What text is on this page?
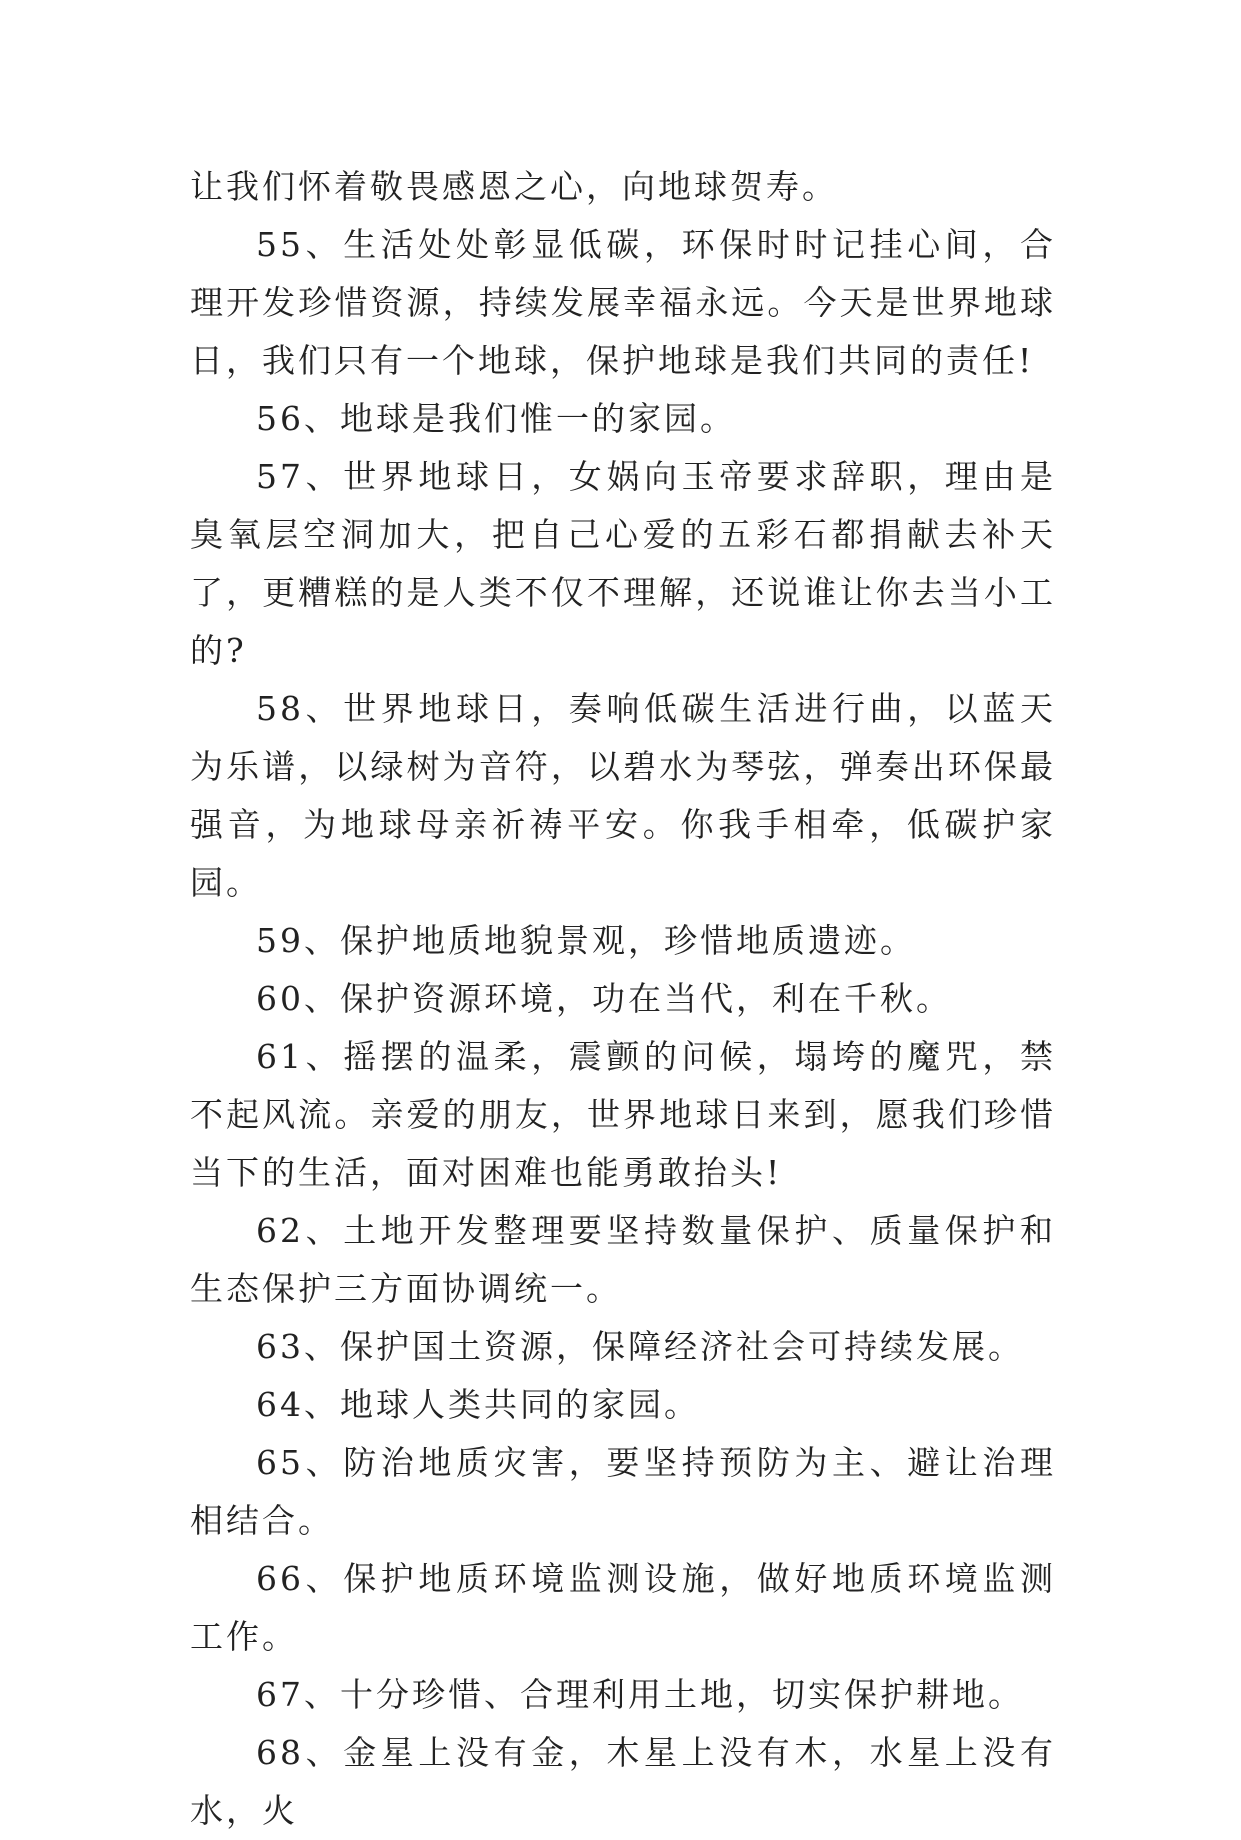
让我们怀着敬畏感恩之心，向地球贺寿。

55、生活处处彰显低碳，环保时时记挂心间，合理开发珍惜资源，持续发展幸福永远。今天是世界地球日，我们只有一个地球，保护地球是我们共同的责任!

56、地球是我们惟一的家园。

57、世界地球日，女娲向玉帝要求辞职，理由是臭氧层空洞加大，把自己心爱的五彩石都捐献去补天了，更糟糕的是人类不仅不理解，还说谁让你去当小工的?

58、世界地球日，奏响低碳生活进行曲，以蓝天为乐谱，以绿树为音符，以碧水为琴弦，弹奏出环保最强音，为地球母亲祈祷平安。你我手相牵，低碳护家园。

59、保护地质地貌景观，珍惜地质遗迹。

60、保护资源环境，功在当代，利在千秋。

61、摇摆的温柔，震颤的问候，塌垮的魔咒，禁不起风流。亲爱的朋友，世界地球日来到，愿我们珍惜当下的生活，面对困难也能勇敢抬头!

62、土地开发整理要坚持数量保护、质量保护和生态保护三方面协调统一。

63、保护国土资源，保障经济社会可持续发展。

64、地球人类共同的家园。

65、防治地质灾害，要坚持预防为主、避让治理相结合。

66、保护地质环境监测设施，做好地质环境监测工作。

67、十分珍惜、合理利用土地，切实保护耕地。

68、金星上没有金，木星上没有木，水星上没有水，火
